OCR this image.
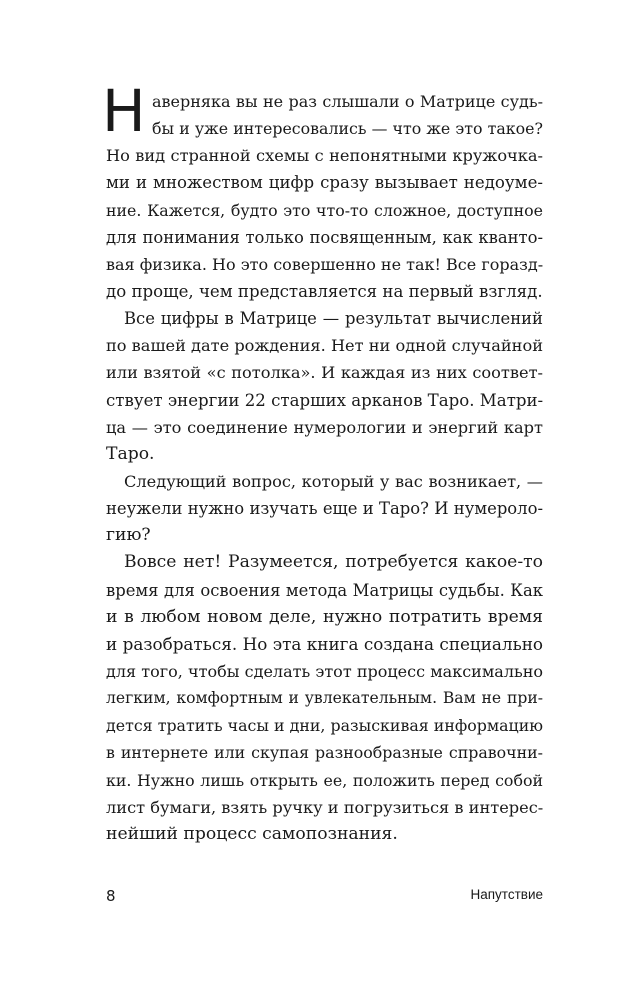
Н аверняка вы не раз слышали о Матрице судь-
бы и уже интересовались — что же это такое?
Но вид странной схемы с непонятными кружочка-
ми и множеством цифр сразу вызывает недоуме-
ние. Кажется, будто это что-то сложное, доступное
для понимания только посвященным, как кванто-
вая физика. Но это совершенно не так! Все горазд-
до проще, чем представляется на первый взгляд.
Все цифры в Матрице — результат вычислений
по вашей дате рождения. Нет ни одной случайной
или взятой «с потолка». И каждая из них соответ-
ствует энергии 22 старших арканов Таро. Матри-
ца — это соединение нумерологии и энергий карт
Таро.
Следующий вопрос, который у вас возникает, —
неужели нужно изучать еще и Таро? И нумероло-
гию?
Вовсе нет! Разумеется, потребуется какое-то
время для освоения метода Матрицы судьбы. Как
и в любом новом деле, нужно потратить время
и разобраться. Но эта книга создана специально
для того, чтобы сделать этот процесс максимально
легким, комфортным и увлекательным. Вам не при-
дется тратить часы и дни, разыскивая информацию
в интернете или скупая разнообразные справочни-
ки. Нужно лишь открыть ее, положить перед собой
лист бумаги, взять ручку и погрузиться в интерес-
нейший процесс самопознания.
8	Напутствие
